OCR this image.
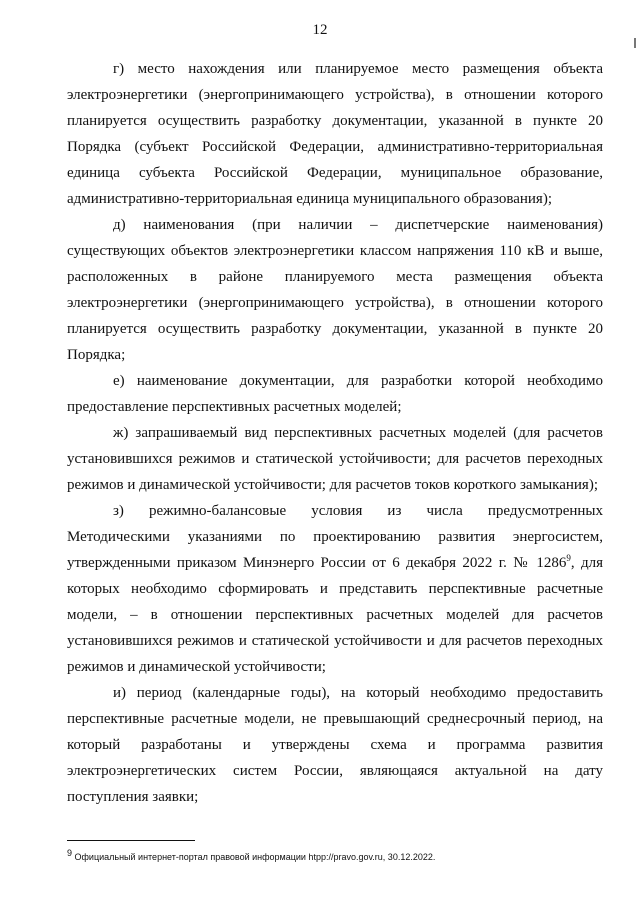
12

г) место нахождения или планируемое место размещения объекта электроэнергетики (энергопринимающего устройства), в отношении которого планируется осуществить разработку документации, указанной в пункте 20 Порядка (субъект Российской Федерации, административно-территориальная единица субъекта Российской Федерации, муниципальное образование, административно-территориальная единица муниципального образования);

д) наименования (при наличии – диспетчерские наименования) существующих объектов электроэнергетики классом напряжения 110 кВ и выше, расположенных в районе планируемого места размещения объекта электроэнергетики (энергопринимающего устройства), в отношении которого планируется осуществить разработку документации, указанной в пункте 20 Порядка;

е) наименование документации, для разработки которой необходимо предоставление перспективных расчетных моделей;

ж) запрашиваемый вид перспективных расчетных моделей (для расчетов установившихся режимов и статической устойчивости; для расчетов переходных режимов и динамической устойчивости; для расчетов токов короткого замыкания);

з) режимно-балансовые условия из числа предусмотренных Методическими указаниями по проектированию развития энергосистем, утвержденными приказом Минэнерго России от 6 декабря 2022 г. № 1286$^9$, для которых необходимо сформировать и представить перспективные расчетные модели, – в отношении перспективных расчетных моделей для расчетов установившихся режимов и статической устойчивости и для расчетов переходных режимов и динамической устойчивости;

и) период (календарные годы), на который необходимо предоставить перспективные расчетные модели, не превышающий среднесрочный период, на который разработаны и утверждены схема и программа развития электроэнергетических систем России, являющаяся актуальной на дату поступления заявки;

$^9$ Официальный интернет-портал правовой информации htpp://pravo.gov.ru, 30.12.2022.
